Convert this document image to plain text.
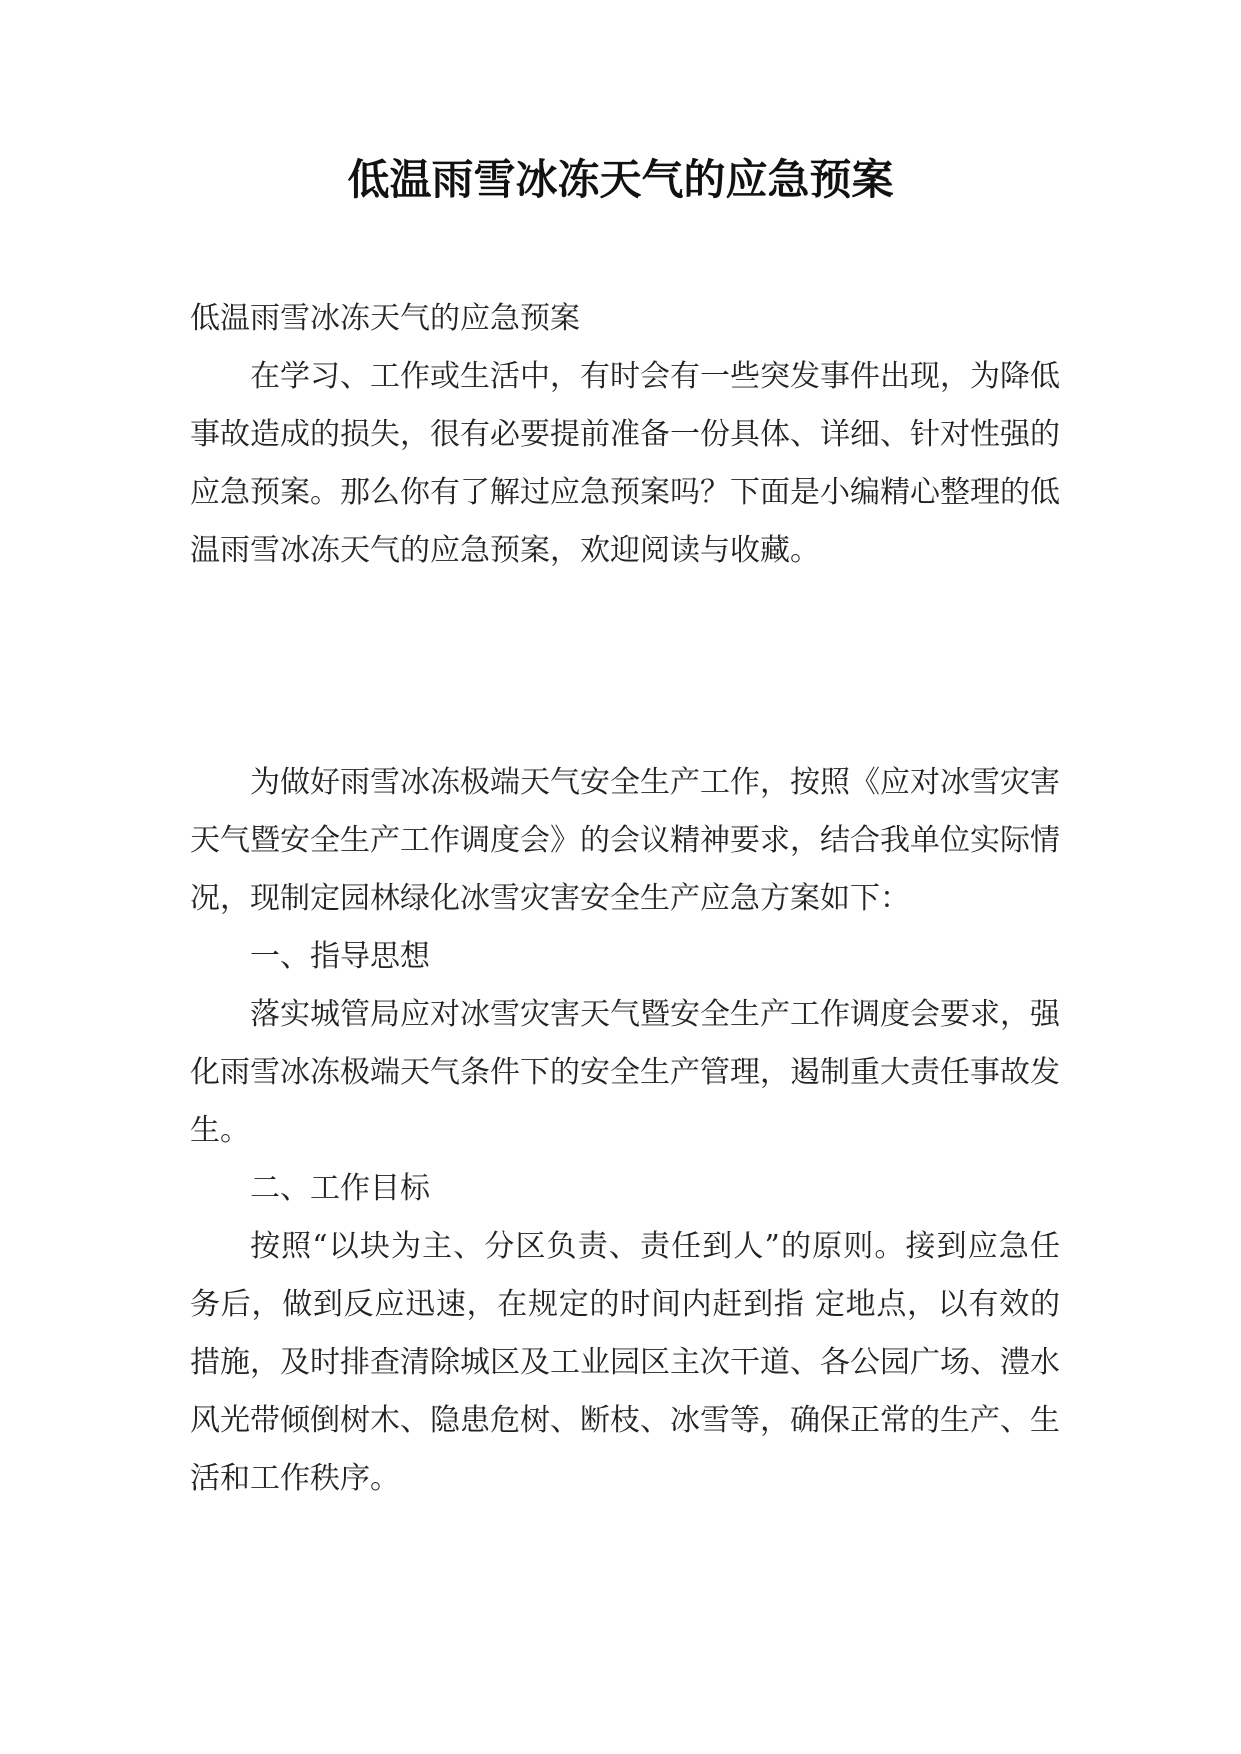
低温雨雪冰冻天气的应急预案

低温雨雪冰冻天气的应急预案

在学习、工作或生活中，有时会有一些突发事件出现，为降低事故造成的损失，很有必要提前准备一份具体、详细、针对性强的应急预案。那么你有了解过应急预案吗？下面是小编精心整理的低温雨雪冰冻天气的应急预案，欢迎阅读与收藏。

为做好雨雪冰冻极端天气安全生产工作，按照《应对冰雪灾害天气暨安全生产工作调度会》的会议精神要求，结合我单位实际情况，现制定园林绿化冰雪灾害安全生产应急方案如下：

一、指导思想

落实城管局应对冰雪灾害天气暨安全生产工作调度会要求，强化雨雪冰冻极端天气条件下的安全生产管理，遏制重大责任事故发生。

二、工作目标

按照“以块为主、分区负责、责任到人”的原则。接到应急任务后，做到反应迅速，在规定的时间内赶到指 定地点，以有效的措施，及时排查清除城区及工业园区主次干道、各公园广场、澧水风光带倾倒树木、隐患危树、断枝、冰雪等，确保正常的生产、生活和工作秩序。
